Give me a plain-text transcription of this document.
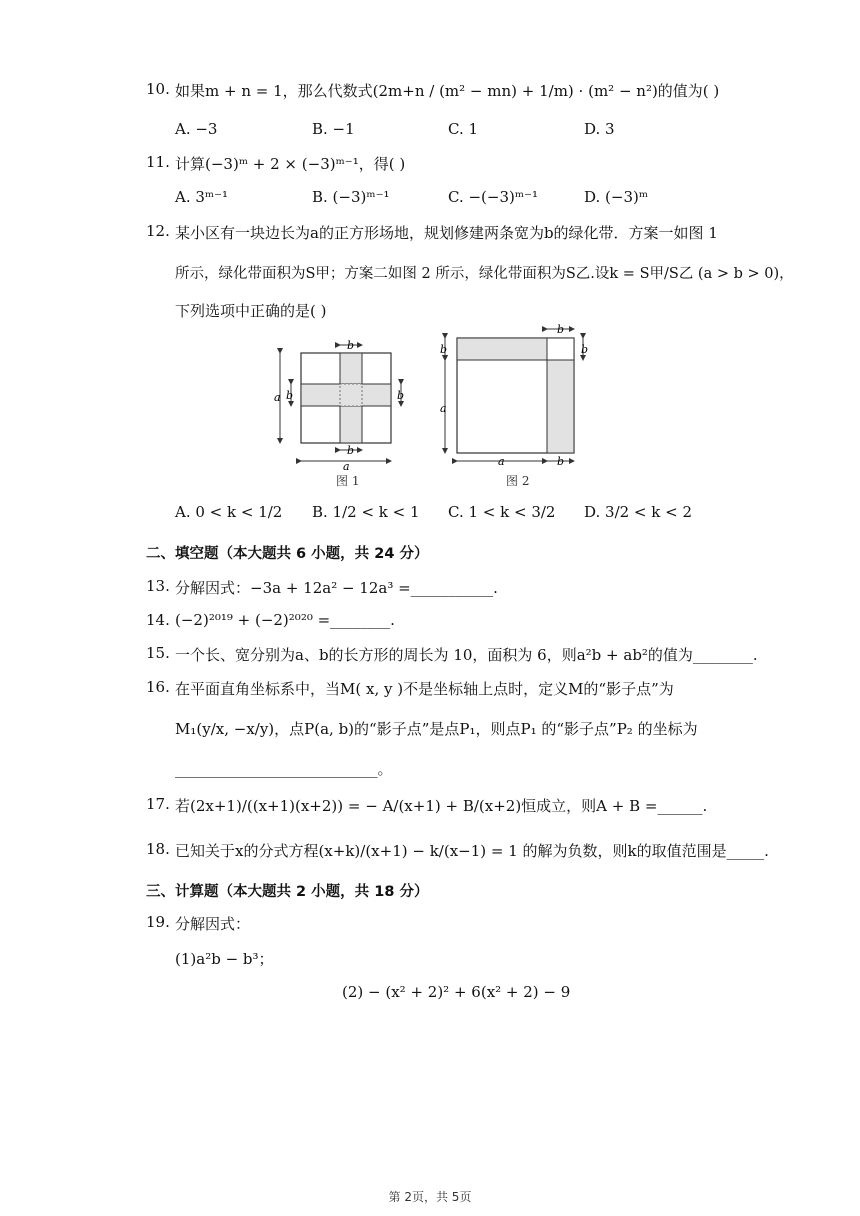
10. 如果m + n = 1，那么代数式(2m+n / (m² − mn) + 1/m) · (m² − n²)的值为( )
A. −3	B. −1	C. 1	D. 3
11. 计算(−3)ᵐ + 2 × (−3)ᵐ⁻¹，得( )
A. 3ᵐ⁻¹	B. (−3)ᵐ⁻¹	C. −(−3)ᵐ⁻¹	D. (−3)ᵐ
12. 某小区有一块边长为a的正方形场地，规划修建两条宽为b的绿化带．方案一如图 1
所示，绿化带面积为S甲；方案二如图 2 所示，绿化带面积为S乙.设k = S甲/S乙 (a > b > 0)，
下列选项中正确的是( )
b
a b	b
b
a
图 1
b
b
a
b
a	b
图 2
A. 0 < k < 1/2 B. 1/2 < k < 1 C. 1 < k < 3/2 D. 3/2 < k < 2
二、填空题（本大题共 6 小题，共 24 分）
13. 分解因式：−3a + 12a² − 12a³ =___________.
14. (−2)²⁰¹⁹ + (−2)²⁰²⁰ =________.
15. 一个长、宽分别为a、b的长方形的周长为 10，面积为 6，则a²b + ab²的值为________.
16. 在平面直角坐标系中，当M( x, y )不是坐标轴上点时，定义M的“影子点”为
M₁(y/x, −x/y)，点P(a, b)的“影子点”是点P₁，则点P₁ 的“影子点”P₂ 的坐标为
___________________________。
17. 若(2x+1)/((x+1)(x+2)) = − A/(x+1) + B/(x+2)恒成立，则A + B =______.
18. 已知关于x的分式方程(x+k)/(x+1) − k/(x−1) = 1 的解为负数，则k的取值范围是_____.
三、计算题（本大题共 2 小题，共 18 分）
19. 分解因式：
(1)a²b − b³；
(2) − (x² + 2)² + 6(x² + 2) − 9
第 2页，共 5页
